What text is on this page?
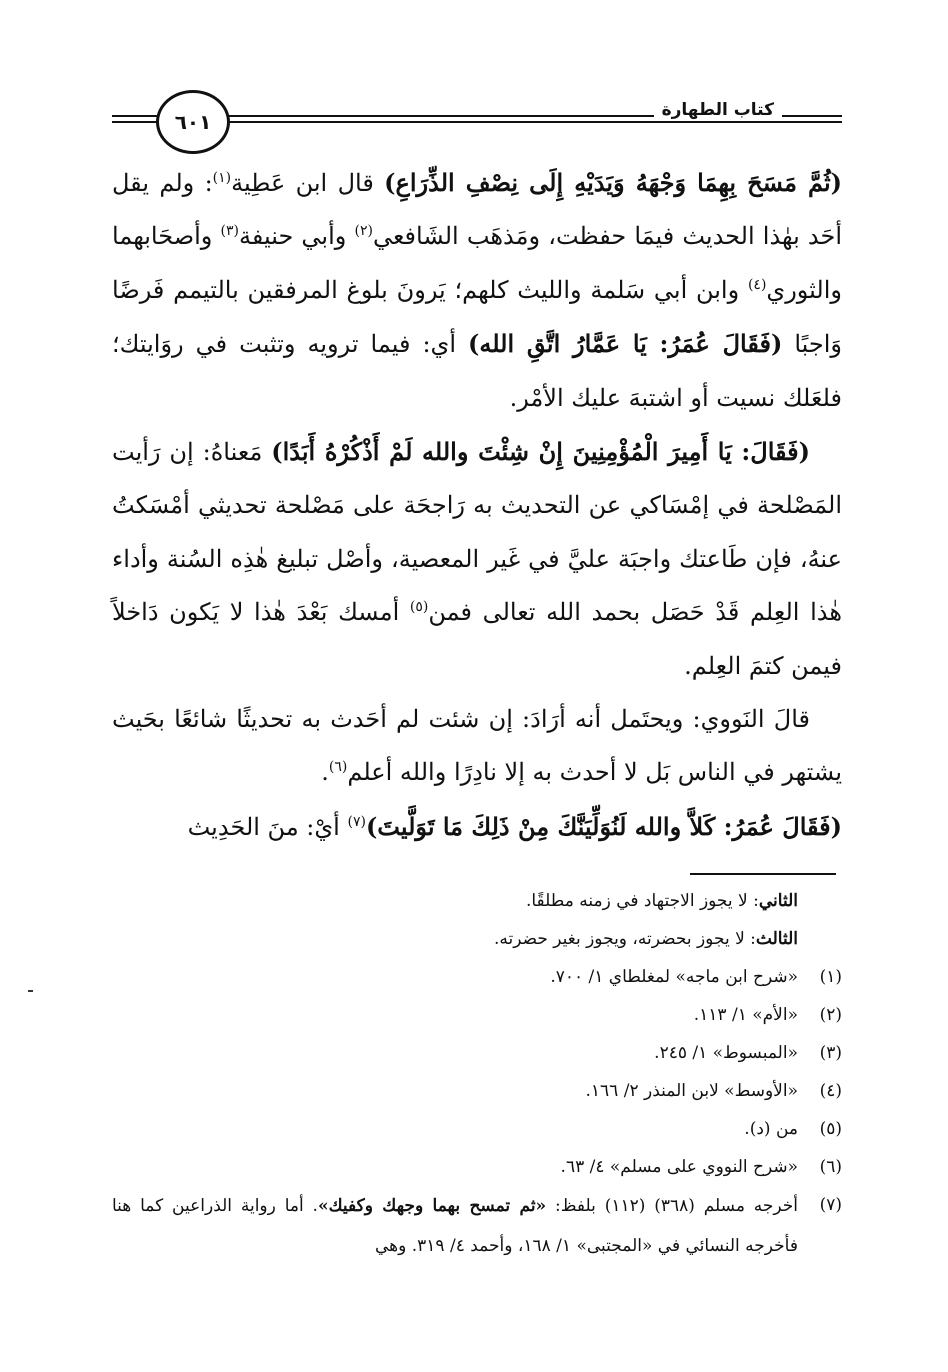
٦٠١	كتاب الطهارة

(ثُمَّ مَسَحَ بِهِمَا وَجْهَهُ وَيَدَيْهِ إِلَى نِصْفِ الذِّرَاعِ) قال ابن عَطِية$^{(١)}$: ولم يقل أحَد بهٰذا الحديث فيمَا حفظت، ومَذهَب الشَافعي$^{(٢)}$ وأبي حنيفة$^{(٣)}$ وأصحَابهما والثوري$^{(٤)}$ وابن أبي سَلمة والليث كلهم؛ يَرونَ بلوغ المرفقين بالتيمم فَرضًا وَاجبًا (فَقَالَ عُمَرُ: يَا عَمَّارُ اتَّقِ الله) أي: فيما ترويه وتثبت في روَايتك؛ فلعَلك نسيت أو اشتبهَ عليك الأمْر.

(فَقَالَ: يَا أَمِيرَ الْمُؤْمِنِينَ إِنْ شِئْتَ والله لَمْ أَذْكُرْهُ أَبَدًا) مَعناهُ: إن رَأيت المَصْلحة في إمْسَاكي عن التحديث به رَاجحَة على مَصْلحة تحديثي أمْسَكتُ عنهُ، فإن طَاعتك واجبَة عليَّ في غَير المعصية، وأصْل تبليغ هٰذِه السُنة وأداء هٰذا العِلم قَدْ حَصَل بحمد الله تعالى فمن$^{(٥)}$ أمسك بَعْدَ هٰذا لا يَكون دَاخلاً فيمن كتمَ العِلم.

قالَ النَووي: ويحتَمل أنه أرَادَ: إن شئت لم أحَدث به تحديثًا شائعًا بحَيث يشتهر في الناس بَل لا أحدث به إلا نادِرًا والله أعلم$^{(٦)}$.

(فَقَالَ عُمَرُ: كَلاَّ والله لَنُوَلِّيَنَّكَ مِنْ ذَلِكَ مَا تَوَلَّيتَ)$^{(٧)}$ أيْ: منَ الحَدِيث

الثاني: لا يجوز الاجتهاد في زمنه مطلقًا.

الثالث: لا يجوز بحضرته، ويجوز بغير حضرته.

(١)
«شرح ابن ماجه» لمغلطاي ١/ ٧٠٠.
(٢)
«الأم» ١/ ١١٣.
(٣)
«المبسوط» ١/ ٢٤٥.
(٤)
«الأوسط» لابن المنذر ٢/ ١٦٦.
(٥)
من (د).
(٦)
«شرح النووي على مسلم» ٤/ ٦٣.
(٧)
أخرجه مسلم (٣٦٨) (١١٢) بلفظ: «ثم تمسح بهما وجهك وكفيك». أما رواية الذراعين كما هنا فأخرجه النسائي في «المجتبى» ١/ ١٦٨، وأحمد ٤/ ٣١٩. وهي
